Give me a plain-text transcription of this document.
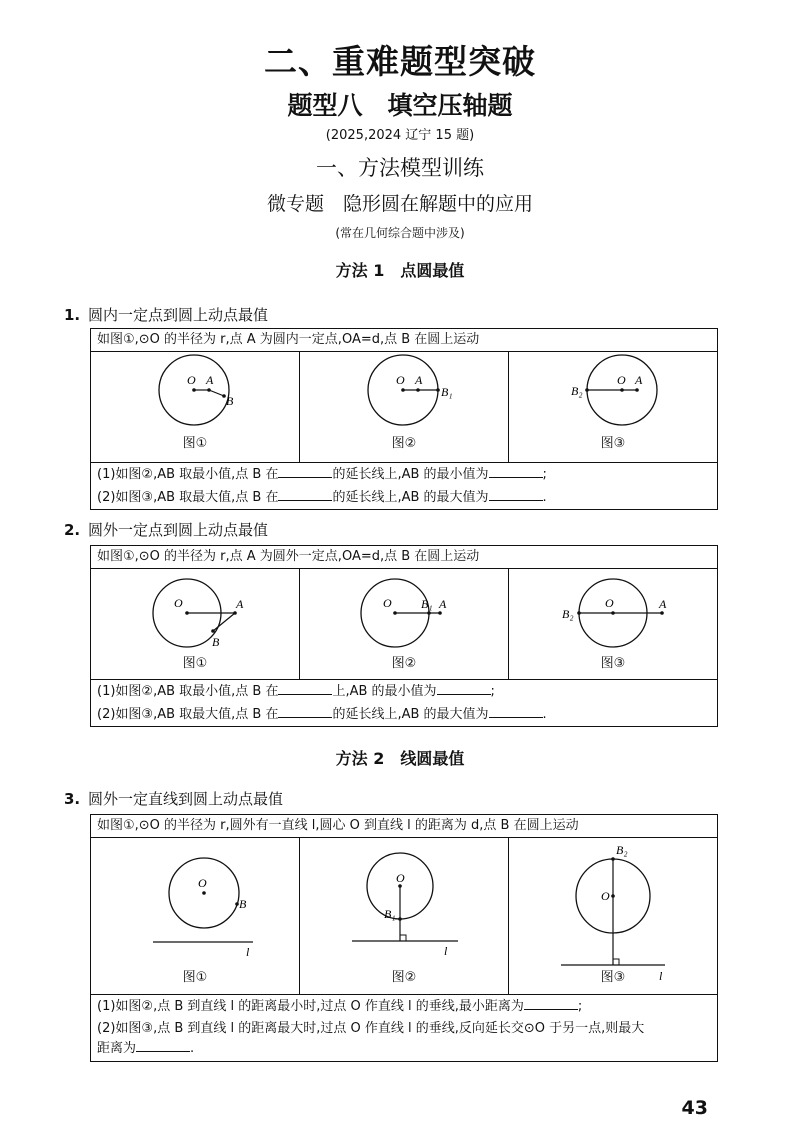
二、重难题型突破
题型八　填空压轴题
(2025,2024 辽宁 15 题)
一、方法模型训练
微专题　隐形圆在解题中的应用
(常在几何综合题中涉及)
方法 1　点圆最值
1. 圆内一定点到圆上动点最值
如图①,⊙O 的半径为 r,点 A 为圆内一定点,OA=d,点 B 在圆上运动
O A
B
图①
O A
B₁
图②
O A
B₂
图③
(1)如图②,AB 取最小值,点 B 在	的延长线上,AB 的最小值为	;
(2)如图③,AB 取最大值,点 B 在	的延长线上,AB 的最大值为	.
2. 圆外一定点到圆上动点最值
如图①,⊙O 的半径为 r,点 A 为圆外一定点,OA=d,点 B 在圆上运动
O	A
B
图①
O	A
B₁
图②
O	A
B₂
图③
(1)如图②,AB 取最小值,点 B 在	上,AB 的最小值为	;
(2)如图③,AB 取最大值,点 B 在	的延长线上,AB 的最大值为	.
方法 2　线圆最值
3. 圆外一定直线到圆上动点最值
如图①,⊙O 的半径为 r,圆外有一直线 l,圆心 O 到直线 l 的距离为 d,点 B 在圆上运动
O
B
l
图①
O
B₁
l
图②
O
B₂
l
图③
(1)如图②,点 B 到直线 l 的距离最小时,过点 O 作直线 l 的垂线,最小距离为	;
(2)如图③,点 B 到直线 l 的距离最大时,过点 O 作直线 l 的垂线,反向延长交⊙O 于另一点,则最大
距离为	.
43
